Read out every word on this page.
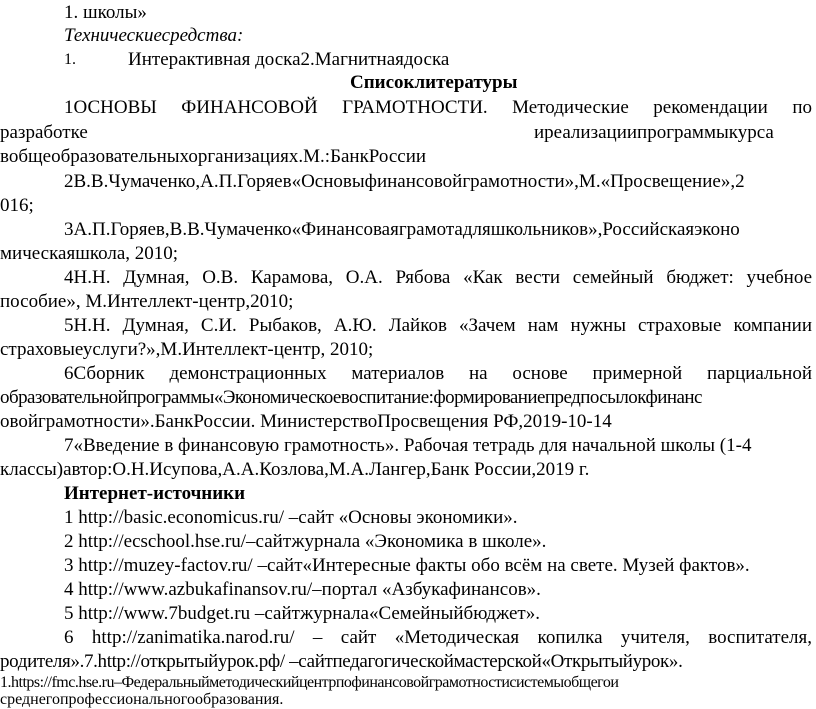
1. школы»
Техническиесредства:
1.	Интерактивная доска2.Магнитнаядоска
Списоклитературы
1ОСНОВЫ ФИНАНСОВОЙ ГРАМОТНОСТИ. Методические рекомендации по
разработке	иреализациипрограммыкурса
вобщеобразовательныхорганизациях.М.:БанкРоссии
2В.В.Чумаченко,А.П.Горяев«Основыфинансовойграмотности»,М.«Просвещение»,2
016;
3А.П.Горяев,В.В.Чумаченко«Финансоваяграмотадляшкольников»,Российскаяэконо
мическаяшкола, 2010;
4Н.Н. Думная, О.В. Карамова, О.А. Рябова «Как вести семейный бюджет: учебное
пособие», М.Интеллект-центр,2010;
5Н.Н. Думная, С.И. Рыбаков, А.Ю. Лайков «Зачем нам нужны страховые компании
страховыеуслуги?»,М.Интеллект-центр, 2010;
6Сборник демонстрационных материалов на основе примерной парциальной
образовательнойпрограммы«Экономическоевоспитание:формированиепредпосылокфинанс
овойграмотности».БанкРоссии. МинистерствоПросвещения РФ,2019-10-14
7«Введение в финансовую грамотность». Рабочая тетрадь для начальной школы (1-4
классы)автор:О.Н.Исупова,А.А.Козлова,М.А.Лангер,Банк России,2019 г.
Интернет-источники
1 http://basic.economicus.ru/ –сайт «Основы экономики».
2 http://ecschool.hse.ru/–сайтжурнала «Экономика в школе».
3 http://muzey-factov.ru/ –сайт«Интересные факты обо всём на свете. Музей фактов».
4 http://www.azbukafinansov.ru/–портал «Азбукафинансов».
5 http://www.7budget.ru –сайтжурнала«Семейныйбюджет».
6 http://zanimatika.narod.ru/ – сайт «Методическая копилка учителя, воспитателя,
родителя».7.http://открытыйурок.рф/ –сайтпедагогическоймастерской«Открытыйурок».
1.https://fmc.hse.ru–Федеральныйметодическийцентрпофинансовойграмотностисистемыобщегои
среднегопрофессиональногообразования.
